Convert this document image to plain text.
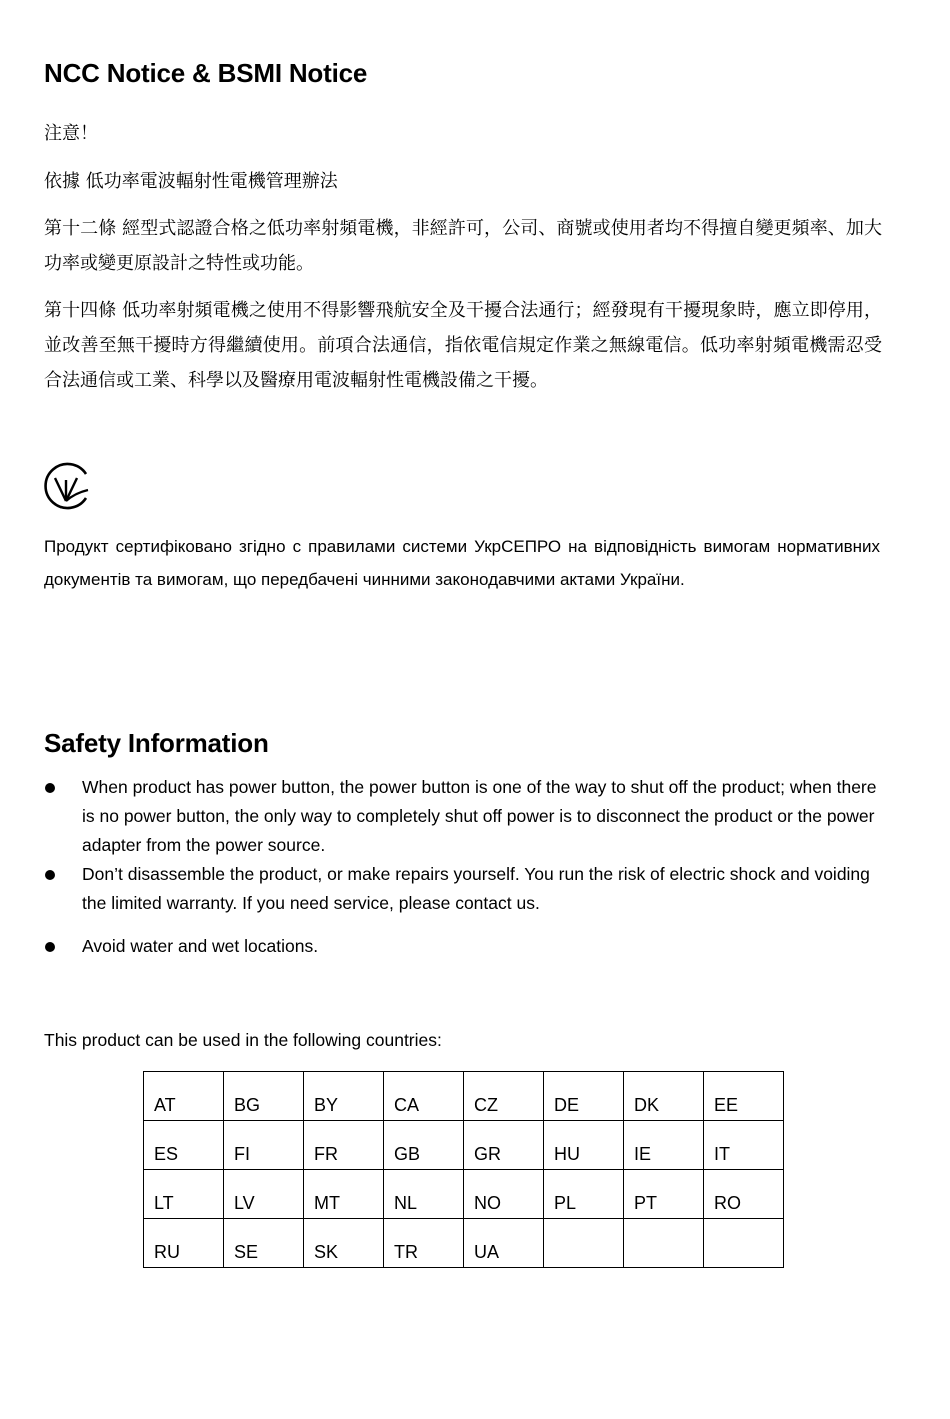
NCC Notice & BSMI Notice

注意！

依據 低功率電波輻射性電機管理辦法

第十二條 經型式認證合格之低功率射頻電機，非經許可，公司、商號或使用者均不得擅自變更頻率、加大功率或變更原設計之特性或功能。

第十四條 低功率射頻電機之使用不得影響飛航安全及干擾合法通行；經發現有干擾現象時，應立即停用，並改善至無干擾時方得繼續使用。前項合法通信，指依電信規定作業之無線電信。低功率射頻電機需忍受合法通信或工業、科學以及醫療用電波輻射性電機設備之干擾。

Продукт сертифіковано згідно с правилами системи УкрСЕПРО на відповідність вимогам нормативних документів та вимогам, що передбачені чинними законодавчими актами України.

Safety Information
When product has power button, the power button is one of the way to shut off the product; when there is no power button, the only way to completely shut off power is to disconnect the product or the power adapter from the power source.
Don’t disassemble the product, or make repairs yourself. You run the risk of electric shock and voiding the limited warranty. If you need service, please contact us.
Avoid water and wet locations.

This product can be used in the following countries:

AT	BG	BY	CA	CZ	DE	DK	EE
ES	FI	FR	GB	GR	HU	IE	IT
LT	LV	MT	NL	NO	PL	PT	RO
RU	SE	SK	TR	UA			
